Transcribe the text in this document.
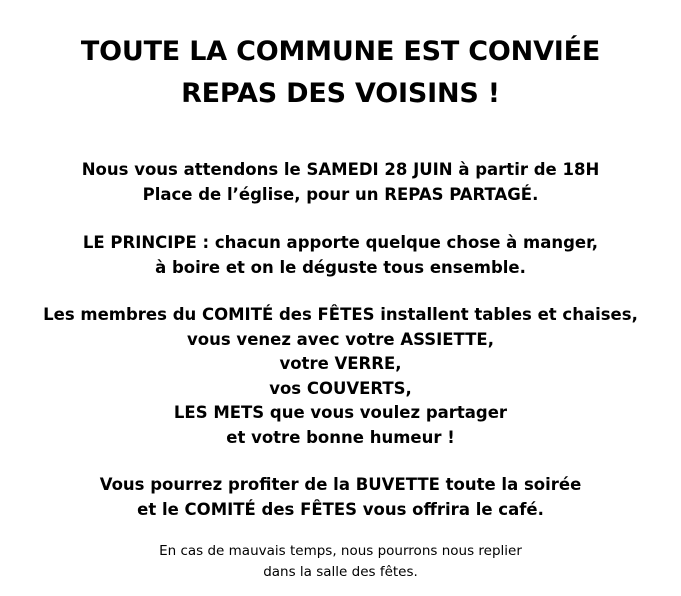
TOUTE LA COMMUNE EST CONVIÉE
REPAS DES VOISINS !

Nous vous attendons le SAMEDI 28 JUIN à partir de 18H
Place de l’église, pour un REPAS PARTAGÉ.

LE PRINCIPE : chacun apporte quelque chose à manger,
à boire et on le déguste tous ensemble.

Les membres du COMITÉ des FÊTES installent tables et chaises,
vous venez avec votre ASSIETTE,
votre VERRE,
vos COUVERTS,
LES METS que vous voulez partager
et votre bonne humeur !

Vous pourrez profiter de la BUVETTE toute la soirée
et le COMITÉ des FÊTES vous offrira le café.

En cas de mauvais temps, nous pourrons nous replier
dans la salle des fêtes.
